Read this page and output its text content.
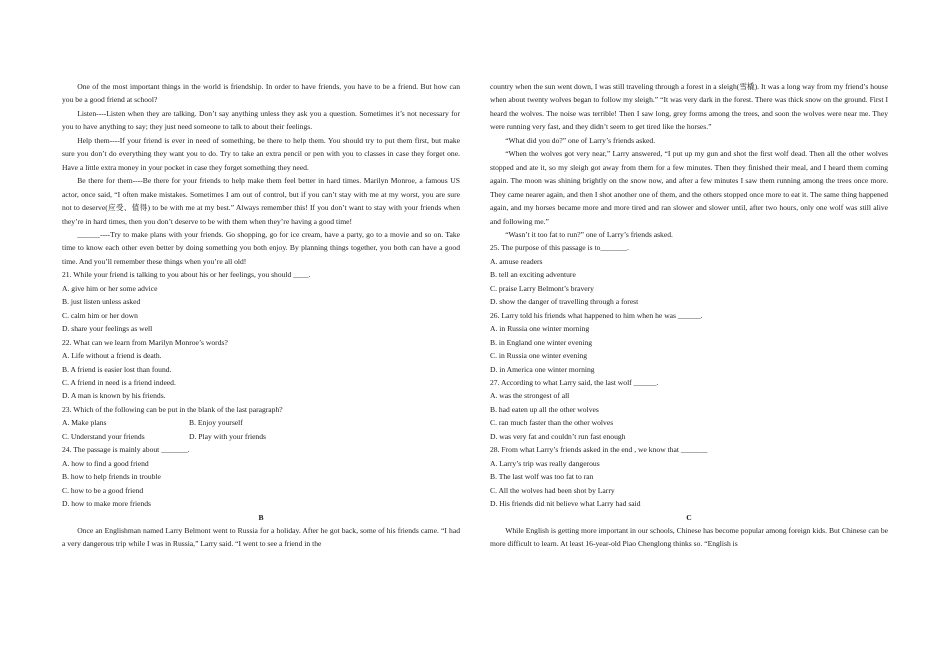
One of the most important things in the world is friendship. In order to have friends, you have to be a friend. But how can you be a good friend at school?

Listen----Listen when they are talking. Don’t say anything unless they ask you a question. Sometimes it’s not necessary for you to have anything to say; they just need someone to talk to about their feelings.

Help them----If your friend is ever in need of something, be there to help them. You should try to put them first, but make sure you don’t do everything they want you to do. Try to take an extra pencil or pen with you to classes in case they forget one. Have a little extra money in your pocket in case they forget something they need.

Be there for them----Be there for your friends to help make them feel better in hard times. Marilyn Monroe, a famous US actor, once said, “I often make mistakes. Sometimes I am out of control, but if you can’t stay with me at my worst, you are sure not to deserve(应受、值得) to be with me at my best.” Always remember this! If you don’t want to stay with your friends when they’re in hard times, then you don’t deserve to be with them when they’re having a good time!

______----Try to make plans with your friends. Go shopping, go for ice cream, have a party, go to a movie and so on. Take time to know each other even better by doing something you both enjoy. By planning things together, you both can have a good time. And you’ll remember these things when you’re all old!

21. While your friend is talking to you about his or her feelings, you should ____.

A. give him or her some advice

B. just listen unless asked

C. calm him or her down

D. share your feelings as well

22. What can we learn from Marilyn Monroe’s words?

A. Life without a friend is death.

B. A friend is easier lost than found.

C. A friend in need is a friend indeed.

D. A man is known by his friends.

23. Which of the following can be put in the blank of the last paragraph?

A. Make plans	B. Enjoy yourself
C. Understand your friends	D. Play with your friends

24. The passage is mainly about _______.

A. how to find a good friend

B. how to help friends in trouble

C. how to be a good friend

D. how to make more friends

B

Once an Englishman named Larry Belmont went to Russia for a holiday. After he got back, some of his friends came. “I had a very dangerous trip while I was in Russia,” Larry said. “I went to see a friend in the

country when the sun went down, I was still traveling through a forest in a sleigh(雪橇). It was a long way from my friend’s house when about twenty wolves began to follow my sleigh.” “It was very dark in the forest. There was thick snow on the ground. First I heard the wolves. The noise was terrible! Then I saw long, grey forms among the trees, and soon the wolves were near me. They were running very fast, and they didn’t seem to get tired like the horses.”

“What did you do?” one of Larry’s friends asked.

“When the wolves got very near,” Larry answered, “I put up my gun and shot the first wolf dead. Then all the other wolves stopped and ate it, so my sleigh got away from them for a few minutes. Then they finished their meal, and I heard them coming again. The moon was shining brightly on the snow now, and after a few minutes I saw them running among the trees once more. They came nearer again, and then I shot another one of them, and the others stopped once more to eat it. The same thing happened again, and my horses became more and more tired and ran slower and slower until, after two hours, only one wolf was still alive and following me.”

“Wasn’t it too fat to run?” one of Larry’s friends asked.

25. The purpose of this passage is to_______.

A. amuse readers

B. tell an exciting adventure

C. praise Larry Belmont’s bravery

D. show the danger of travelling through a forest

26. Larry told his friends what happened to him when he was ______.

A. in Russia one winter morning

B. in England one winter evening

C. in Russia one winter evening

D. in America one winter morning

27. According to what Larry said, the last wolf ______.

A. was the strongest of all

B. had eaten up all the other wolves

C. ran much faster than the other wolves

D. was very fat and couldn’t run fast enough

28. From what Larry’s friends asked in the end , we know that _______

A. Larry’s trip was really dangerous

B. The last wolf was too fat to ran

C. All the wolves had been shot by Larry

D. His friends did nit believe what Larry had said

C

While English is getting more important in our schools, Chinese has become popular among foreign kids. But Chinese can be more difficult to learn. At least 16-year-old Piao Chenglong thinks so. “English is
